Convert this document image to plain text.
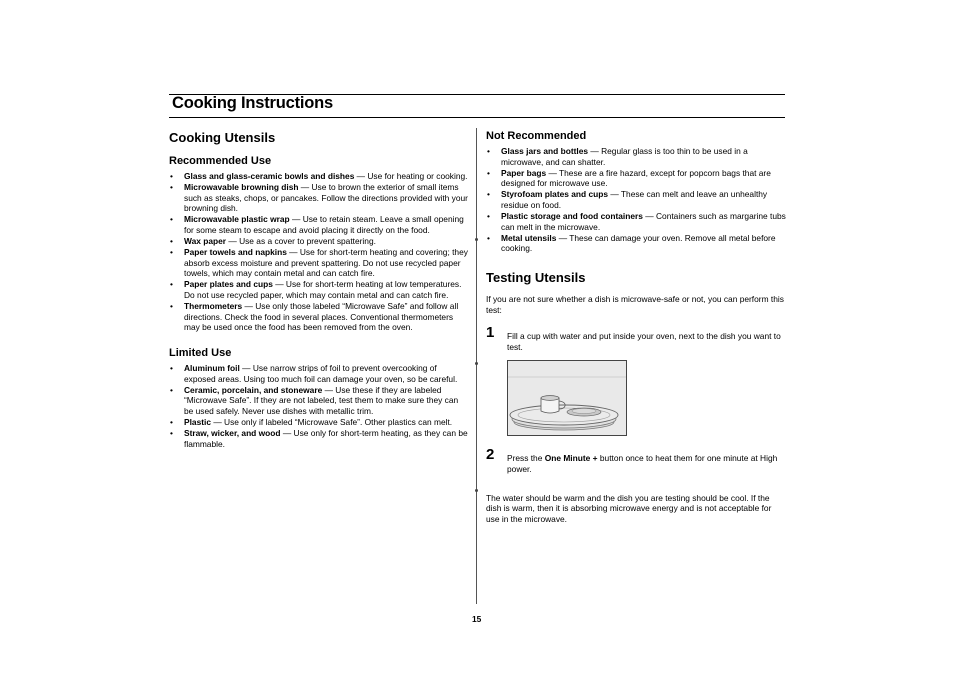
Cooking Instructions
Cooking Utensils
Recommended Use
• Glass and glass-ceramic bowls and dishes — Use for heating or cooking.
• Microwavable browning dish — Use to brown the exterior of small items such as steaks, chops, or pancakes. Follow the directions provided with your browning dish.
• Microwavable plastic wrap — Use to retain steam. Leave a small opening for some steam to escape and avoid placing it directly on the food.
• Wax paper — Use as a cover to prevent spattering.
• Paper towels and napkins — Use for short-term heating and covering; they absorb excess moisture and prevent spattering. Do not use recycled paper towels, which may contain metal and can catch fire.
• Paper plates and cups — Use for short-term heating at low temperatures. Do not use recycled paper, which may contain metal and can catch fire.
• Thermometers — Use only those labeled “Microwave Safe” and follow all directions. Check the food in several places. Conventional thermometers may be used once the food has been removed from the oven.
Limited Use
• Aluminum foil — Use narrow strips of foil to prevent overcooking of exposed areas. Using too much foil can damage your oven, so be careful.
• Ceramic, porcelain, and stoneware — Use these if they are labeled “Microwave Safe”. If they are not labeled, test them to make sure they can be used safely. Never use dishes with metallic trim.
• Plastic — Use only if labeled “Microwave Safe”. Other plastics can melt.
• Straw, wicker, and wood — Use only for short-term heating, as they can be flammable.
Not Recommended
• Glass jars and bottles — Regular glass is too thin to be used in a microwave, and can shatter.
• Paper bags — These are a fire hazard, except for popcorn bags that are designed for microwave use.
• Styrofoam plates and cups — These can melt and leave an unhealthy residue on food.
• Plastic storage and food containers — Containers such as margarine tubs can melt in the microwave.
• Metal utensils — These can damage your oven. Remove all metal before cooking.
Testing Utensils

If you are not sure whether a dish is microwave-safe or not, you can perform this test:

1 Fill a cup with water and put inside your oven, next to the dish you want to test.

2 Press the One Minute + button once to heat them for one minute at High power.

The water should be warm and the dish you are testing should be cool. If the dish is warm, then it is absorbing microwave energy and is not acceptable for use in the microwave.

15
